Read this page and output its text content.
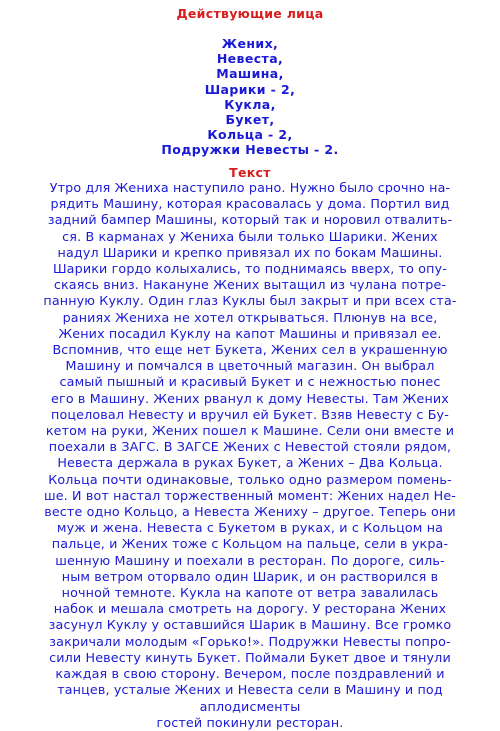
Действующие лица
Жених,
Невеста,
Машина,
Шарики - 2,
Кукла,
Букет,
Кольца - 2,
Подружки Невесты - 2.
Текст
Утро для Жениха наступило рано. Нужно было срочно на-
рядить Машину, которая красовалась у дома. Портил вид
задний бампер Машины, который так и норовил отвалить-
ся. В карманах у Жениха были только Шарики. Жених
надул Шарики и крепко привязал их по бокам Машины.
Шарики гордо колыхались, то поднимаясь вверх, то опу-
скаясь вниз. Накануне Жених вытащил из чулана потре-
панную Куклу. Один глаз Куклы был закрыт и при всех ста-
раниях Жениха не хотел открываться. Плюнув на все,
Жених посадил Куклу на капот Машины и привязал ее.
Вспомнив, что еще нет Букета, Жених сел в украшенную
Машину и помчался в цветочный магазин. Он выбрал
самый пышный и красивый Букет и с нежностью понес
его в Машину. Жених рванул к дому Невесты. Там Жених
поцеловал Невесту и вручил ей Букет. Взяв Невесту с Бу-
кетом на руки, Жених пошел к Машине. Сели они вместе и
поехали в ЗАГС. В ЗАГСЕ Жених с Невестой стояли рядом,
Невеста держала в руках Букет, а Жених – Два Кольца.
Кольца почти одинаковые, только одно размером помень-
ше. И вот настал торжественный момент: Жених надел Не-
весте одно Кольцо, а Невеста Жениху – другое. Теперь они
муж и жена. Невеста с Букетом в руках, и с Кольцом на
пальце, и Жених тоже с Кольцом на пальце, сели в укра-
шенную Машину и поехали в ресторан. По дороге, силь-
ным ветром оторвало один Шарик, и он растворился в
ночной темноте. Кукла на капоте от ветра завалилась
набок и мешала смотреть на дорогу. У ресторана Жених
засунул Куклу у оставшийся Шарик в Машину. Все громко
закричали молодым «Горько!». Подружки Невесты попро-
сили Невесту кинуть Букет. Поймали Букет двое и тянули
каждая в свою сторону. Вечером, после поздравлений и
танцев, усталые Жених и Невеста сели в Машину и под
аплодисменты
гостей покинули ресторан.
